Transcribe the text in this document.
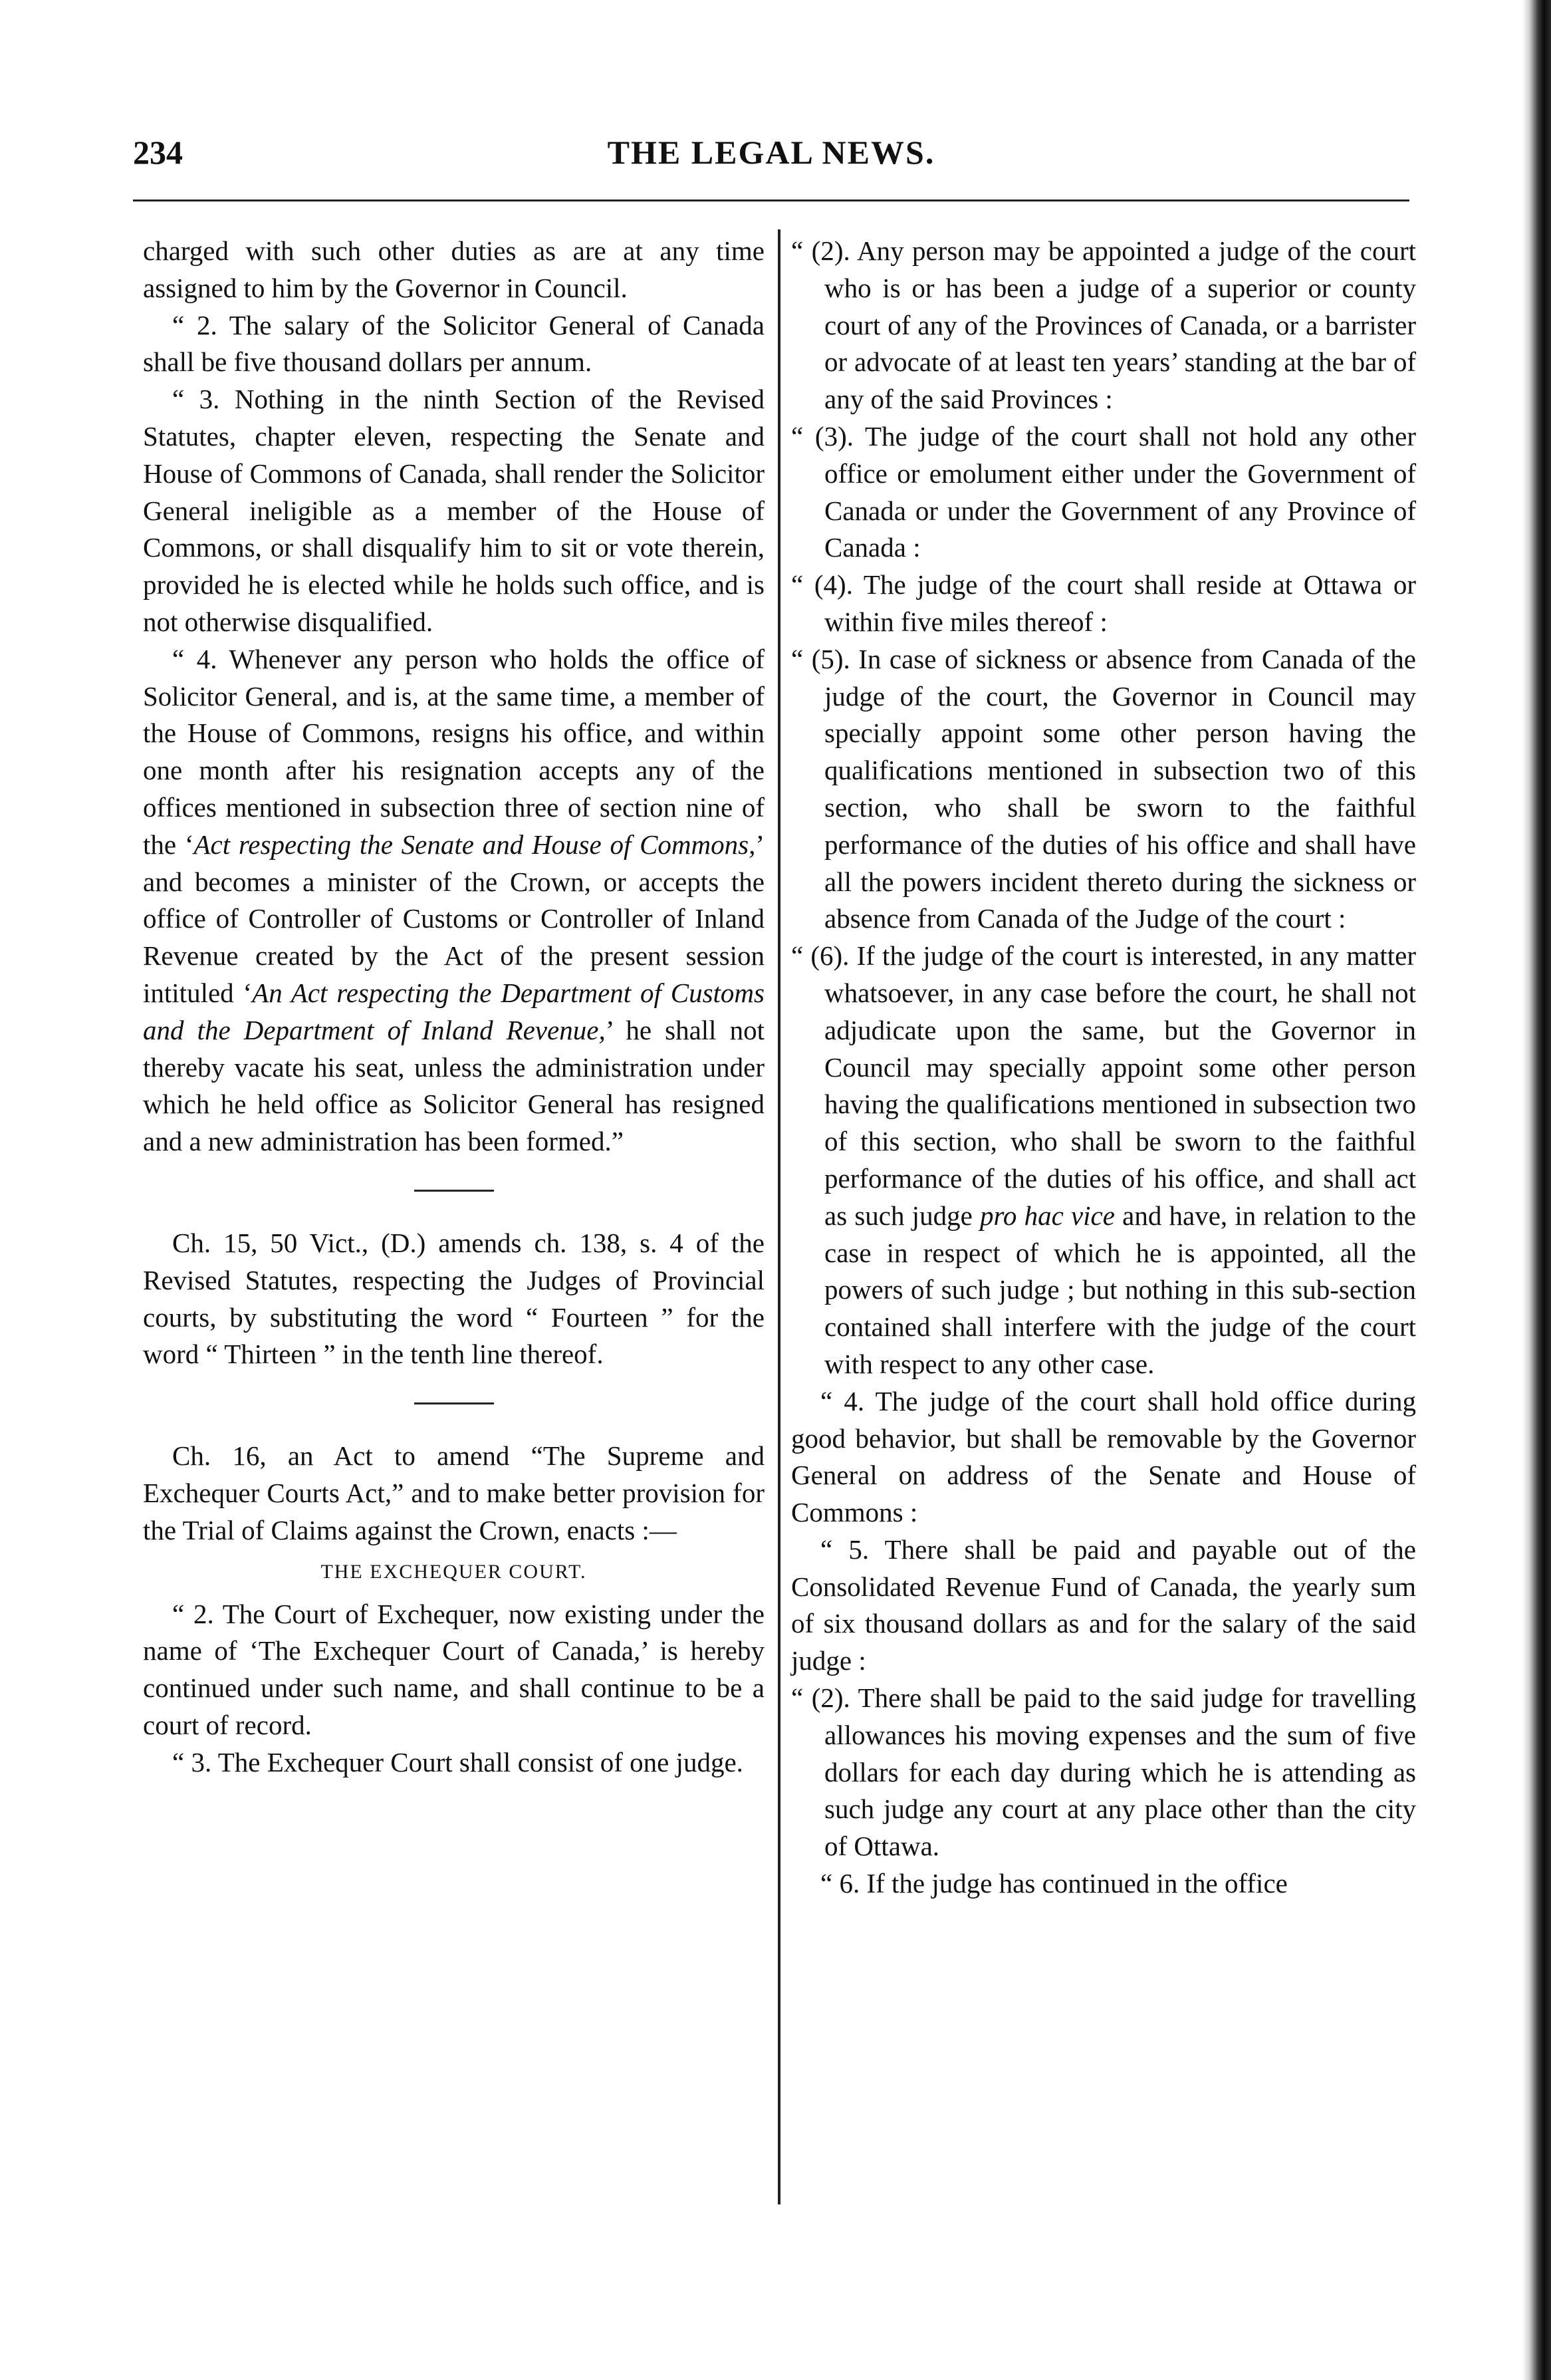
234	THE LEGAL NEWS.

charged with such other duties as are at any time assigned to him by the Governor in Council.

“ 2. The salary of the Solicitor General of Canada shall be five thousand dollars per annum.

“ 3. Nothing in the ninth Section of the Revised Statutes, chapter eleven, respecting the Senate and House of Commons of Canada, shall render the Solicitor General ineligible as a member of the House of Commons, or shall disqualify him to sit or vote therein, provided he is elected while he holds such office, and is not otherwise disqualified.

“ 4. Whenever any person who holds the office of Solicitor General, and is, at the same time, a member of the House of Commons, resigns his office, and within one month after his resignation accepts any of the offices mentioned in subsection three of section nine of the ‘Act respecting the Senate and House of Commons,’ and becomes a minister of the Crown, or accepts the office of Controller of Customs or Controller of Inland Revenue created by the Act of the present session intituled ‘An Act respecting the Department of Customs and the Department of Inland Revenue,’ he shall not thereby vacate his seat, unless the administration under which he held office as Solicitor General has resigned and a new administration has been formed.”

Ch. 15, 50 Vict., (D.) amends ch. 138, s. 4 of the Revised Statutes, respecting the Judges of Provincial courts, by substituting the word “ Fourteen ” for the word “ Thirteen ” in the tenth line thereof.

Ch. 16, an Act to amend “The Supreme and Exchequer Courts Act,” and to make better provision for the Trial of Claims against the Crown, enacts :—

THE EXCHEQUER COURT.

“ 2. The Court of Exchequer, now existing under the name of ‘The Exchequer Court of Canada,’ is hereby continued under such name, and shall continue to be a court of record.

“ 3. The Exchequer Court shall consist of one judge.

“ (2). Any person may be appointed a judge of the court who is or has been a judge of a superior or county court of any of the Provinces of Canada, or a barrister or advocate of at least ten years’ standing at the bar of any of the said Provinces :

“ (3). The judge of the court shall not hold any other office or emolument either under the Government of Canada or under the Government of any Province of Canada :

“ (4). The judge of the court shall reside at Ottawa or within five miles thereof :

“ (5). In case of sickness or absence from Canada of the judge of the court, the Governor in Council may specially appoint some other person having the qualifications mentioned in subsection two of this section, who shall be sworn to the faithful performance of the duties of his office and shall have all the powers incident thereto during the sickness or absence from Canada of the Judge of the court :

“ (6). If the judge of the court is interested, in any matter whatsoever, in any case before the court, he shall not adjudicate upon the same, but the Governor in Council may specially appoint some other person having the qualifications mentioned in subsection two of this section, who shall be sworn to the faithful performance of the duties of his office, and shall act as such judge pro hac vice and have, in relation to the case in respect of which he is appointed, all the powers of such judge ; but nothing in this sub-section contained shall interfere with the judge of the court with respect to any other case.

“ 4. The judge of the court shall hold office during good behavior, but shall be removable by the Governor General on address of the Senate and House of Commons :

“ 5. There shall be paid and payable out of the Consolidated Revenue Fund of Canada, the yearly sum of six thousand dollars as and for the salary of the said judge :

“ (2). There shall be paid to the said judge for travelling allowances his moving expenses and the sum of five dollars for each day during which he is attending as such judge any court at any place other than the city of Ottawa.

“ 6. If the judge has continued in the office
